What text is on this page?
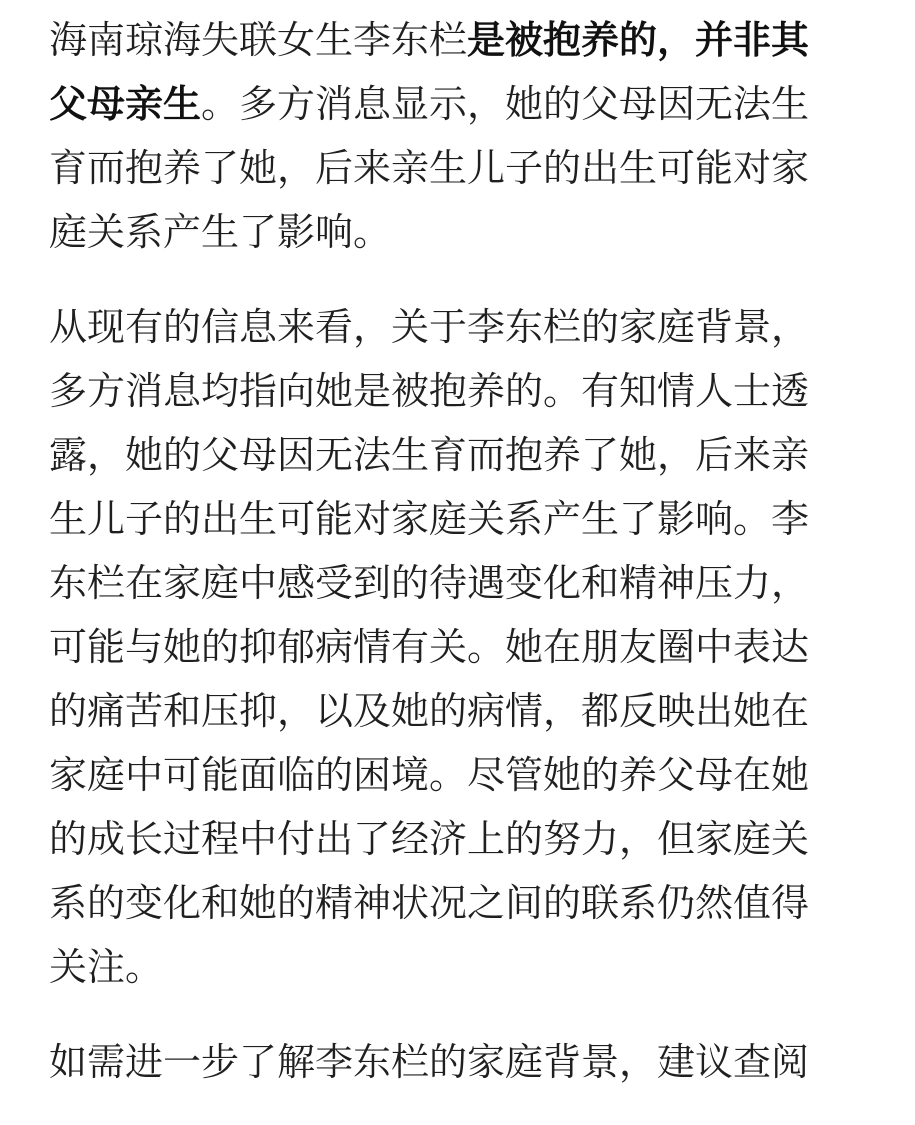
海南琼海失联女生李东栏是被抱养的，并非其
父母亲生。多方消息显示，她的父母因无法生
育而抱养了她，后来亲生儿子的出生可能对家
庭关系产生了影响。

从现有的信息来看，关于李东栏的家庭背景，
多方消息均指向她是被抱养的。有知情人士透
露，她的父母因无法生育而抱养了她，后来亲
生儿子的出生可能对家庭关系产生了影响。李
东栏在家庭中感受到的待遇变化和精神压力，
可能与她的抑郁病情有关。她在朋友圈中表达
的痛苦和压抑，以及她的病情，都反映出她在
家庭中可能面临的困境。尽管她的养父母在她
的成长过程中付出了经济上的努力，但家庭关
系的变化和她的精神状况之间的联系仍然值得
关注。

如需进一步了解李东栏的家庭背景，建议查阅
